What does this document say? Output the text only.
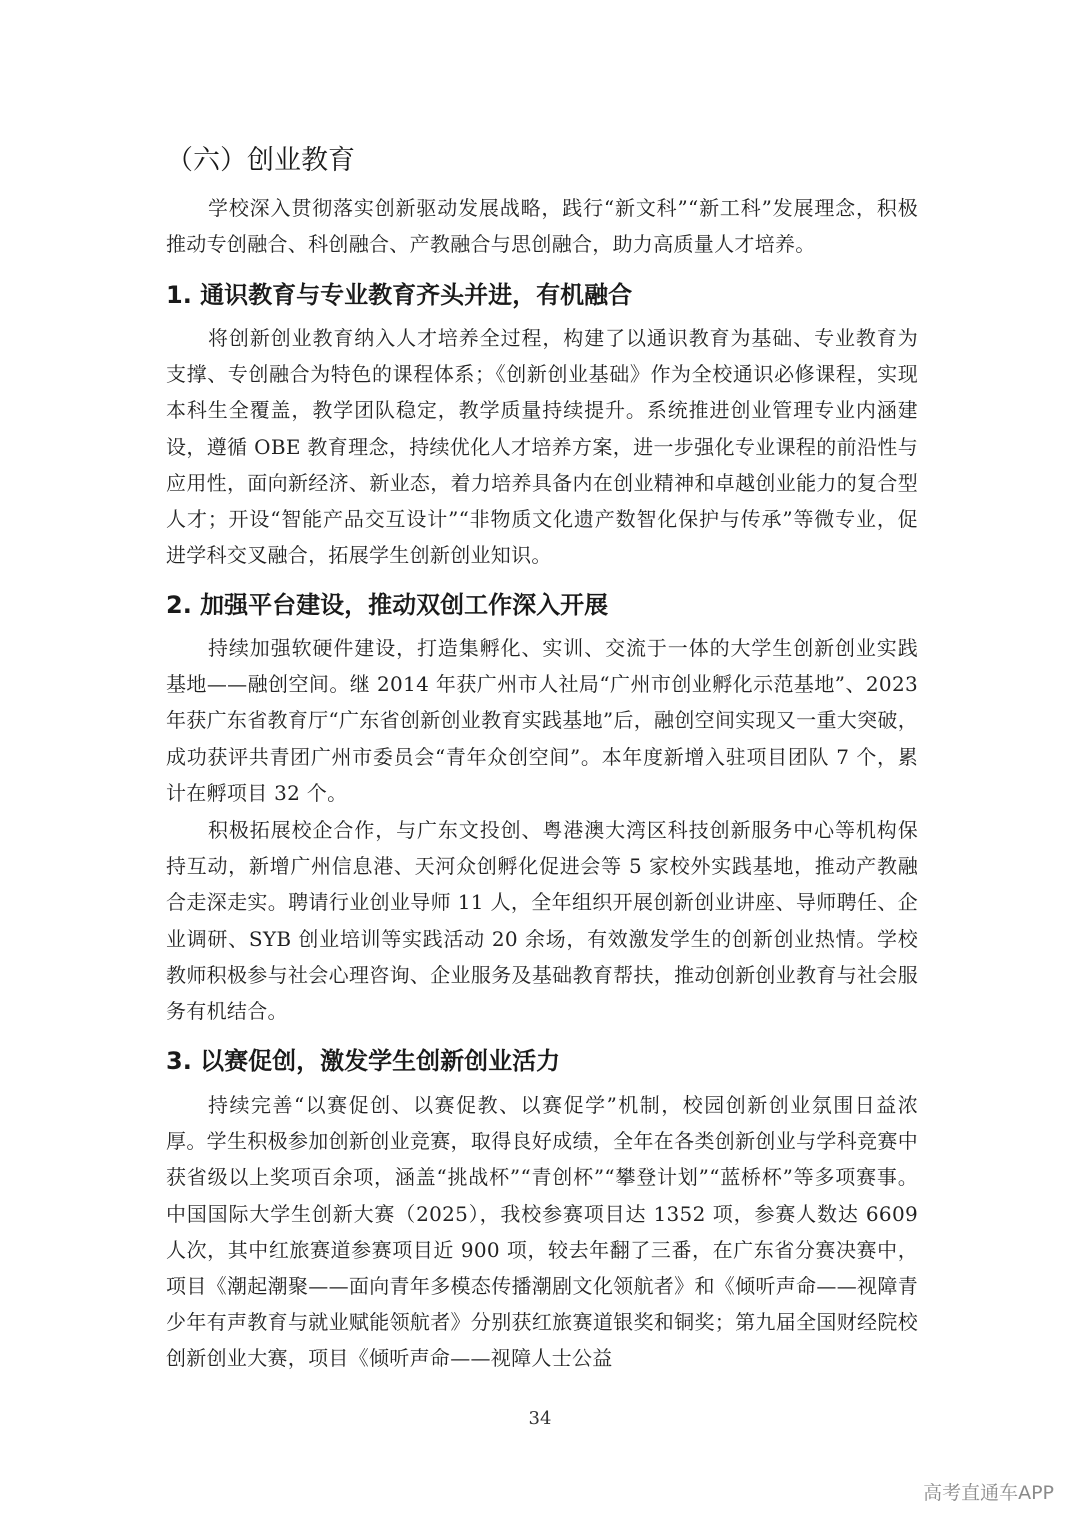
（六）创业教育

学校深入贯彻落实创新驱动发展战略，践行“新文科”“新工科”发展理念，积极推动专创融合、科创融合、产教融合与思创融合，助力高质量人才培养。

1. 通识教育与专业教育齐头并进，有机融合

将创新创业教育纳入人才培养全过程，构建了以通识教育为基础、专业教育为支撑、专创融合为特色的课程体系；《创新创业基础》作为全校通识必修课程，实现本科生全覆盖，教学团队稳定，教学质量持续提升。系统推进创业管理专业内涵建设，遵循 OBE 教育理念，持续优化人才培养方案，进一步强化专业课程的前沿性与应用性，面向新经济、新业态，着力培养具备内在创业精神和卓越创业能力的复合型人才；开设“智能产品交互设计”“非物质文化遗产数智化保护与传承”等微专业，促进学科交叉融合，拓展学生创新创业知识。

2. 加强平台建设，推动双创工作深入开展

持续加强软硬件建设，打造集孵化、实训、交流于一体的大学生创新创业实践基地——融创空间。继 2014 年获广州市人社局“广州市创业孵化示范基地”、2023 年获广东省教育厅“广东省创新创业教育实践基地”后，融创空间实现又一重大突破，成功获评共青团广州市委员会“青年众创空间”。本年度新增入驻项目团队 7 个，累计在孵项目 32 个。

积极拓展校企合作，与广东文投创、粤港澳大湾区科技创新服务中心等机构保持互动，新增广州信息港、天河众创孵化促进会等 5 家校外实践基地，推动产教融合走深走实。聘请行业创业导师 11 人，全年组织开展创新创业讲座、导师聘任、企业调研、SYB 创业培训等实践活动 20 余场，有效激发学生的创新创业热情。学校教师积极参与社会心理咨询、企业服务及基础教育帮扶，推动创新创业教育与社会服务有机结合。

3. 以赛促创，激发学生创新创业活力

持续完善“以赛促创、以赛促教、以赛促学”机制，校园创新创业氛围日益浓厚。学生积极参加创新创业竞赛，取得良好成绩，全年在各类创新创业与学科竞赛中获省级以上奖项百余项，涵盖“挑战杯”“青创杯”“攀登计划”“蓝桥杯”等多项赛事。中国国际大学生创新大赛（2025），我校参赛项目达 1352 项，参赛人数达 6609 人次，其中红旅赛道参赛项目近 900 项，较去年翻了三番，在广东省分赛决赛中，项目《潮起潮聚——面向青年多模态传播潮剧文化领航者》和《倾听声命——视障青少年有声教育与就业赋能领航者》分别获红旅赛道银奖和铜奖；第九届全国财经院校创新创业大赛，项目《倾听声命——视障人士公益

34
高考直通车APP
